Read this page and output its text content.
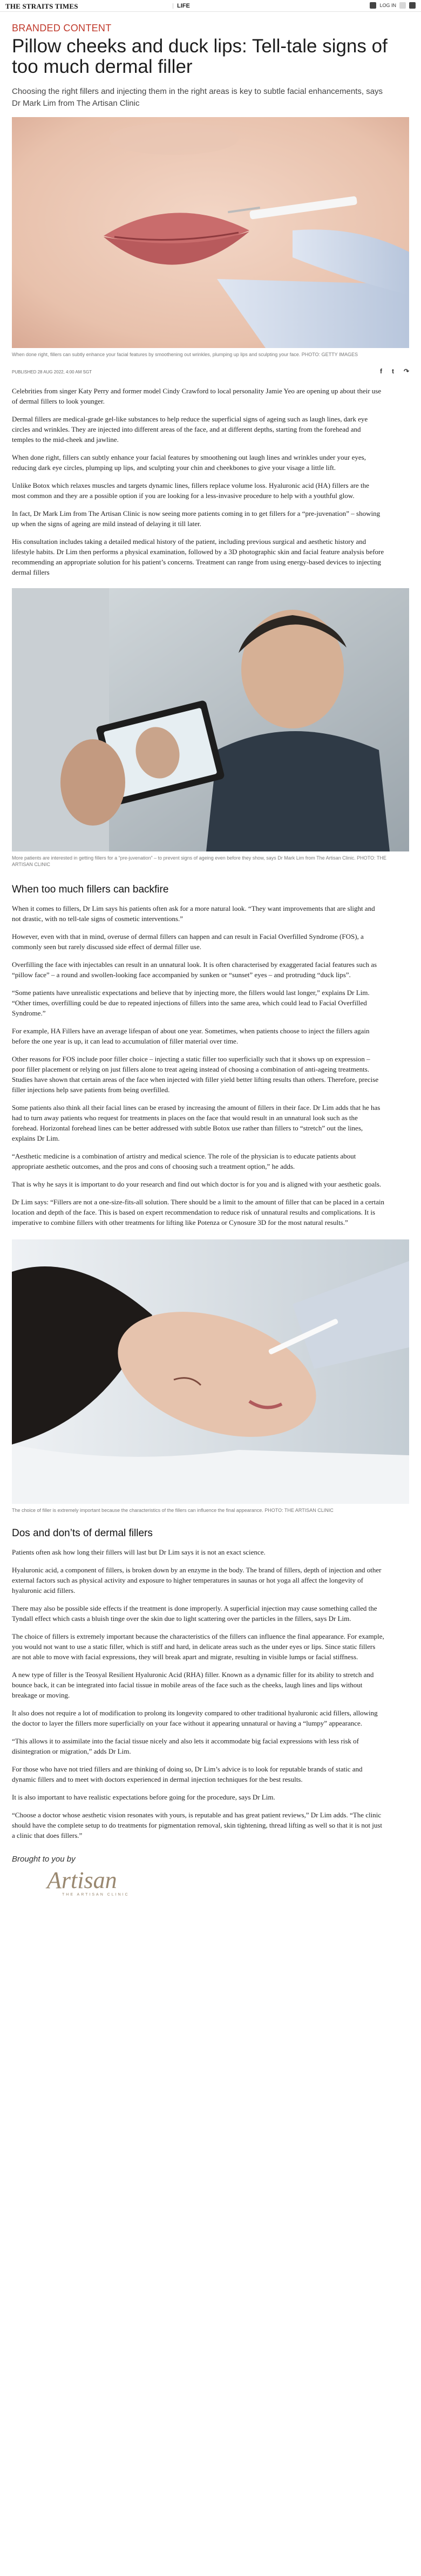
THE STRAITS TIMES	LIFE	LOG IN
BRANDED CONTENT
Pillow cheeks and duck lips: Tell-tale signs of too much dermal filler
Choosing the right fillers and injecting them in the right areas is key to subtle facial enhancements, says Dr Mark Lim from The Artisan Clinic
When done right, fillers can subtly enhance your facial features by smoothening out wrinkles, plumping up lips and sculpting your face. PHOTO: GETTY IMAGES
PUBLISHED 28 AUG 2022, 4:00 AM SGT	f t ↷

Celebrities from singer Katy Perry and former model Cindy Crawford to local personality Jamie Yeo are opening up about their use of dermal fillers to look younger.

Dermal fillers are medical-grade gel-like substances to help reduce the superficial signs of ageing such as laugh lines, dark eye circles and wrinkles. They are injected into different areas of the face, and at different depths, starting from the forehead and temples to the mid-cheek and jawline.

When done right, fillers can subtly enhance your facial features by smoothening out laugh lines and wrinkles under your eyes, reducing dark eye circles, plumping up lips, and sculpting your chin and cheekbones to give your visage a little lift.

Unlike Botox which relaxes muscles and targets dynamic lines, fillers replace volume loss. Hyaluronic acid (HA) fillers are the most common and they are a possible option if you are looking for a less-invasive procedure to help with a youthful glow.

In fact, Dr Mark Lim from The Artisan Clinic is now seeing more patients coming in to get fillers for a “pre-juvenation” – showing up when the signs of ageing are mild instead of delaying it till later.

His consultation includes taking a detailed medical history of the patient, including previous surgical and aesthetic history and lifestyle habits. Dr Lim then performs a physical examination, followed by a 3D photographic skin and facial feature analysis before recommending an appropriate solution for his patient’s concerns. Treatment can range from using energy-based devices to injecting dermal fillers

More patients are interested in getting fillers for a “pre-juvenation” – to prevent signs of ageing even before they show, says Dr Mark Lim from The Artisan Clinic. PHOTO: THE ARTISAN CLINIC
When too much fillers can backfire

When it comes to fillers, Dr Lim says his patients often ask for a more natural look. “They want improvements that are slight and not drastic, with no tell-tale signs of cosmetic interventions.”

However, even with that in mind, overuse of dermal fillers can happen and can result in Facial Overfilled Syndrome (FOS), a commonly seen but rarely discussed side effect of dermal filler use.

Overfilling the face with injectables can result in an unnatural look. It is often characterised by exaggerated facial features such as “pillow face” – a round and swollen-looking face accompanied by sunken or “sunset” eyes – and protruding “duck lips”.

“Some patients have unrealistic expectations and believe that by injecting more, the fillers would last longer,” explains Dr Lim. “Other times, overfilling could be due to repeated injections of fillers into the same area, which could lead to Facial Overfilled Syndrome.”

For example, HA Fillers have an average lifespan of about one year. Sometimes, when patients choose to inject the fillers again before the one year is up, it can lead to accumulation of filler material over time.

Other reasons for FOS include poor filler choice – injecting a static filler too superficially such that it shows up on expression – poor filler placement or relying on just fillers alone to treat ageing instead of choosing a combination of anti-ageing treatments. Studies have shown that certain areas of the face when injected with filler yield better lifting results than others. Therefore, precise filler injections help save patients from being overfilled.

Some patients also think all their facial lines can be erased by increasing the amount of fillers in their face. Dr Lim adds that he has had to turn away patients who request for treatments in places on the face that would result in an unnatural look such as the forehead. Horizontal forehead lines can be better addressed with subtle Botox use rather than fillers to “stretch” out the lines, explains Dr Lim.

“Aesthetic medicine is a combination of artistry and medical science. The role of the physician is to educate patients about appropriate aesthetic outcomes, and the pros and cons of choosing such a treatment option,” he adds.

That is why he says it is important to do your research and find out which doctor is for you and is aligned with your aesthetic goals.

Dr Lim says: “Fillers are not a one-size-fits-all solution. There should be a limit to the amount of filler that can be placed in a certain location and depth of the face. This is based on expert recommendation to reduce risk of unnatural results and complications. It is imperative to combine fillers with other treatments for lifting like Potenza or Cynosure 3D for the most natural results.”

The choice of filler is extremely important because the characteristics of the fillers can influence the final appearance. PHOTO: THE ARTISAN CLINIC
Dos and don’ts of dermal fillers

Patients often ask how long their fillers will last but Dr Lim says it is not an exact science.

Hyaluronic acid, a component of fillers, is broken down by an enzyme in the body. The brand of fillers, depth of injection and other external factors such as physical activity and exposure to higher temperatures in saunas or hot yoga all affect the longevity of hyaluronic acid fillers.

There may also be possible side effects if the treatment is done improperly. A superficial injection may cause something called the Tyndall effect which casts a bluish tinge over the skin due to light scattering over the particles in the fillers, says Dr Lim.

The choice of fillers is extremely important because the characteristics of the fillers can influence the final appearance. For example, you would not want to use a static filler, which is stiff and hard, in delicate areas such as the under eyes or lips. Since static fillers are not able to move with facial expressions, they will break apart and migrate, resulting in visible lumps or facial stiffness.

A new type of filler is the Teosyal Resilient Hyaluronic Acid (RHA) filler. Known as a dynamic filler for its ability to stretch and bounce back, it can be integrated into facial tissue in mobile areas of the face such as the cheeks, laugh lines and lips without breakage or moving.

It also does not require a lot of modification to prolong its longevity compared to other traditional hyaluronic acid fillers, allowing the doctor to layer the fillers more superficially on your face without it appearing unnatural or having a “lumpy” appearance.

“This allows it to assimilate into the facial tissue nicely and also lets it accommodate big facial expressions with less risk of disintegration or migration,” adds Dr Lim.

For those who have not tried fillers and are thinking of doing so, Dr Lim’s advice is to look for reputable brands of static and dynamic fillers and to meet with doctors experienced in dermal injection techniques for the best results.

It is also important to have realistic expectations before going for the procedure, says Dr Lim.

“Choose a doctor whose aesthetic vision resonates with yours, is reputable and has great patient reviews,” Dr Lim adds. “The clinic should have the complete setup to do treatments for pigmentation removal, skin tightening, thread lifting as well so that it is not just a clinic that does fillers.”

Brought to you by
Artisan
THE ARTISAN CLINIC
